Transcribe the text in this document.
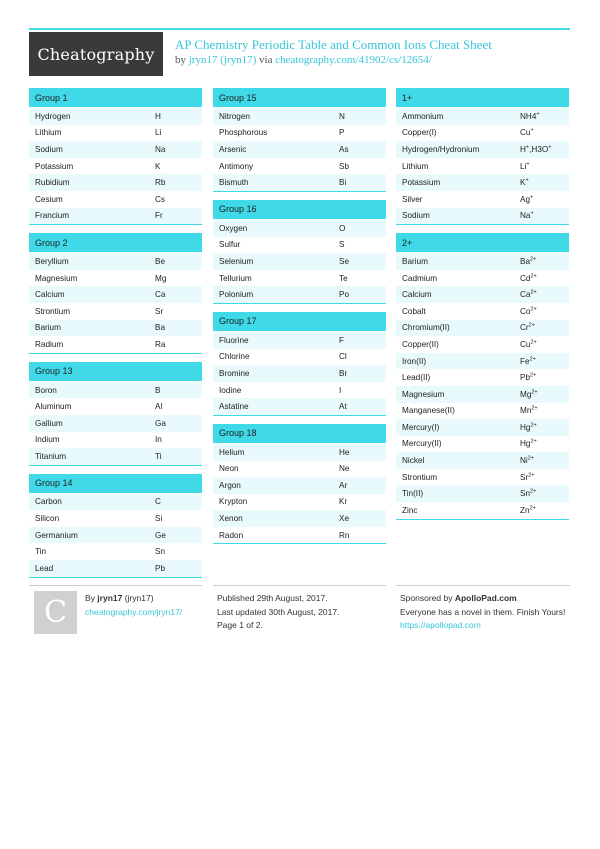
Cheatography	AP Chemistry Periodic Table and Common Ions Cheat Sheet
by jryn17 (jryn17) via cheatography.com/41902/cs/12654/
Group 1
Hydrogen	H
Lithium	Li
Sodium	Na
Potassium	K
Rubidium	Rb
Cesium	Cs
Francium	Fr
Group 2
Beryllium	Be
Magnesium	Mg
Calcium	Ca
Strontium	Sr
Barium	Ba
Radium	Ra
Group 13
Boron	B
Aluminum	Al
Gallium	Ga
Indium	In
Titanium	Ti
Group 14
Carbon	C
Silicon	Si
Germanium	Ge
Tin	Sn
Lead	Pb
Group 15
Nitrogen	N
Phosphorous	P
Arsenic	As
Antimony	Sb
Bismuth	Bi
Group 16
Oxygen	O
Sulfur	S
Selenium	Se
Tellurium	Te
Polonium	Po
Group 17
Fluorine	F
Chlorine	Cl
Bromine	Br
Iodine	I
Astatine	At
Group 18
Helium	He
Neon	Ne
Argon	Ar
Krypton	Kr
Xenon	Xe
Radon	Rn
1+
Ammonium	NH4+
Copper(I)	Cu+
Hydrogen/Hydronium	H+,H3O+
Lithium	Li+
Potassium	K+
Silver	Ag+
Sodium	Na+
2+
Barium	$Ba^{2+}$
Cadmium	$Cd^{2+}$
Calcium	$Ca^{2+}$
Cobalt	$Co^{2+}$
Chromium(II)	$Cr^{2+}$
Copper(II)	$Cu^{2+}$
Iron(II)	$Fe^{2+}$
Lead(II)	$Pb^{2+}$
Magnesium	$Mg^{2+}$
Manganese(II)	$Mn^{2+}$
Mercury(I)	$Hg^{2+}$
Mercury(II)	$Hg^{2+}$
Nickel	$Ni^{2+}$
Strontium	$Sr^{2+}$
Tin(II)	$Sn^{2+}$
Zinc	$Zn^{2+}$
C	By jryn17 (jryn17)
cheatography.com/jryn17/
Published 29th August, 2017.
Last updated 30th August, 2017.
Page 1 of 2.
Sponsored by ApolloPad.com
Everyone has a novel in them. Finish Yours!
https://apollopad.com
